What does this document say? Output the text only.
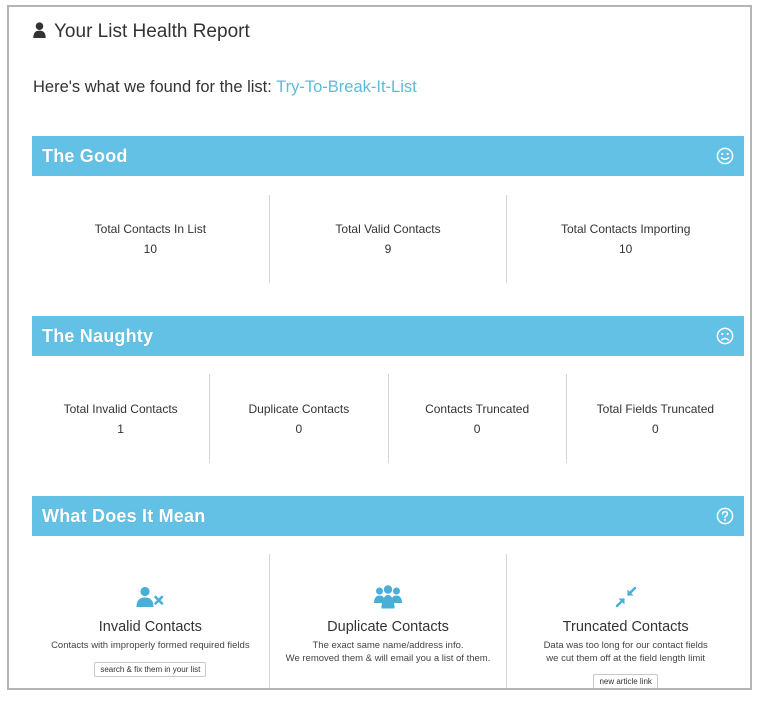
Your List Health Report
Here's what we found for the list: Try-To-Break-It-List
The Good
Total Contacts In List
10
Total Valid Contacts
9
Total Contacts Importing
10
The Naughty
Total Invalid Contacts
1
Duplicate Contacts
0
Contacts Truncated
0
Total Fields Truncated
0
What Does It Mean
Invalid Contacts
Contacts with improperly formed required fields
search & fix them in your list
Duplicate Contacts
The exact same name/address info.
We removed them & will email you a list of them.
Truncated Contacts
Data was too long for our contact fields
we cut them off at the field length limit
new article link
